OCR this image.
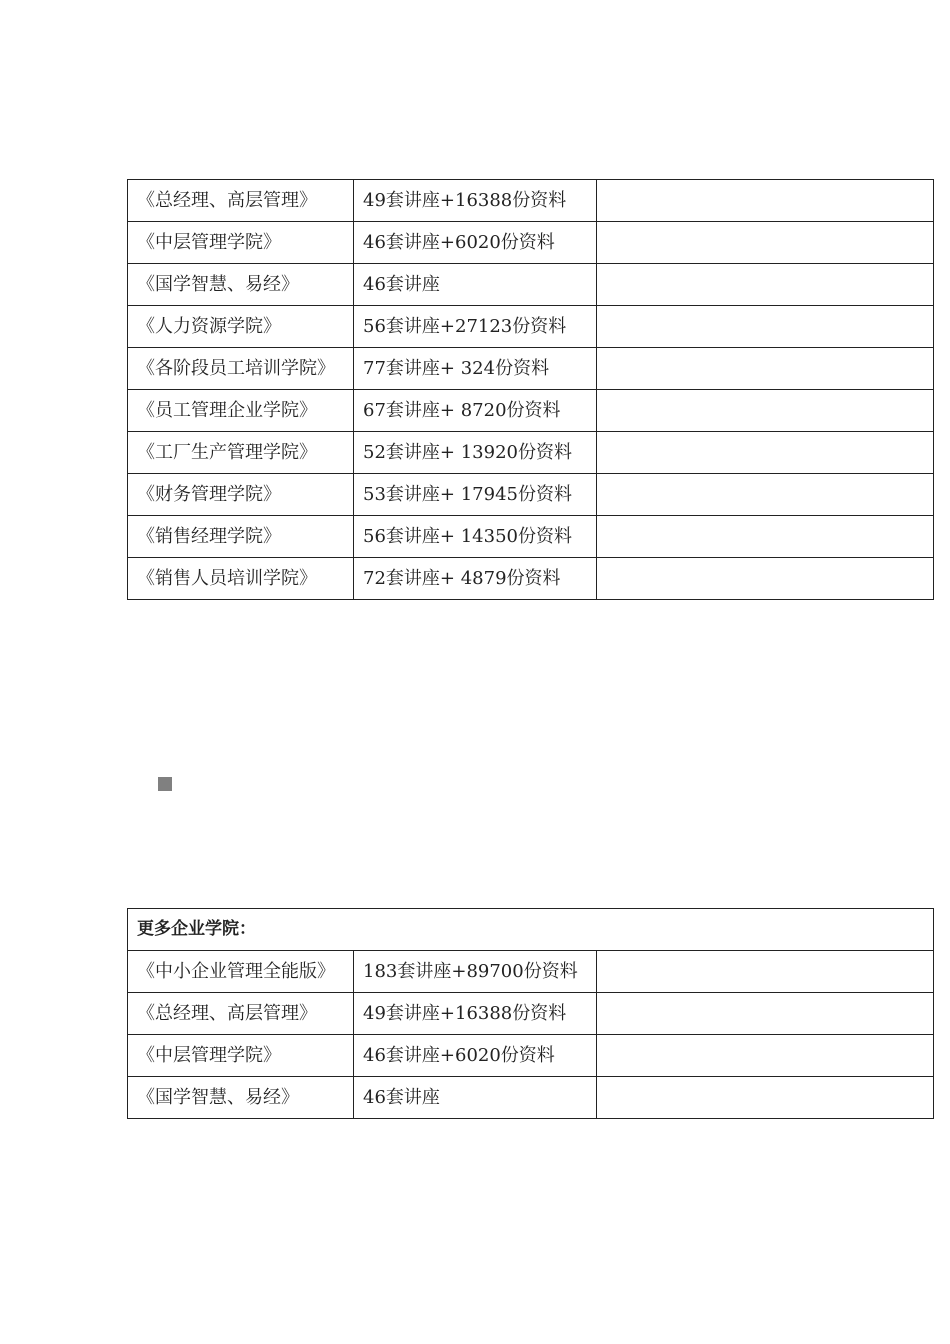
《总经理、高层管理》	49套讲座+16388份资料	
《中层管理学院》	46套讲座+6020份资料	
《国学智慧、易经》	46套讲座	
《人力资源学院》	56套讲座+27123份资料	
《各阶段员工培训学院》	77套讲座+ 324份资料	
《员工管理企业学院》	67套讲座+ 8720份资料	
《工厂生产管理学院》	52套讲座+ 13920份资料	
《财务管理学院》	53套讲座+ 17945份资料	
《销售经理学院》	56套讲座+ 14350份资料	
《销售人员培训学院》	72套讲座+ 4879份资料	
更多企业学院：		
《中小企业管理全能版》	183套讲座+89700份资料	
《总经理、高层管理》	49套讲座+16388份资料	
《中层管理学院》	46套讲座+6020份资料	
《国学智慧、易经》	46套讲座	
